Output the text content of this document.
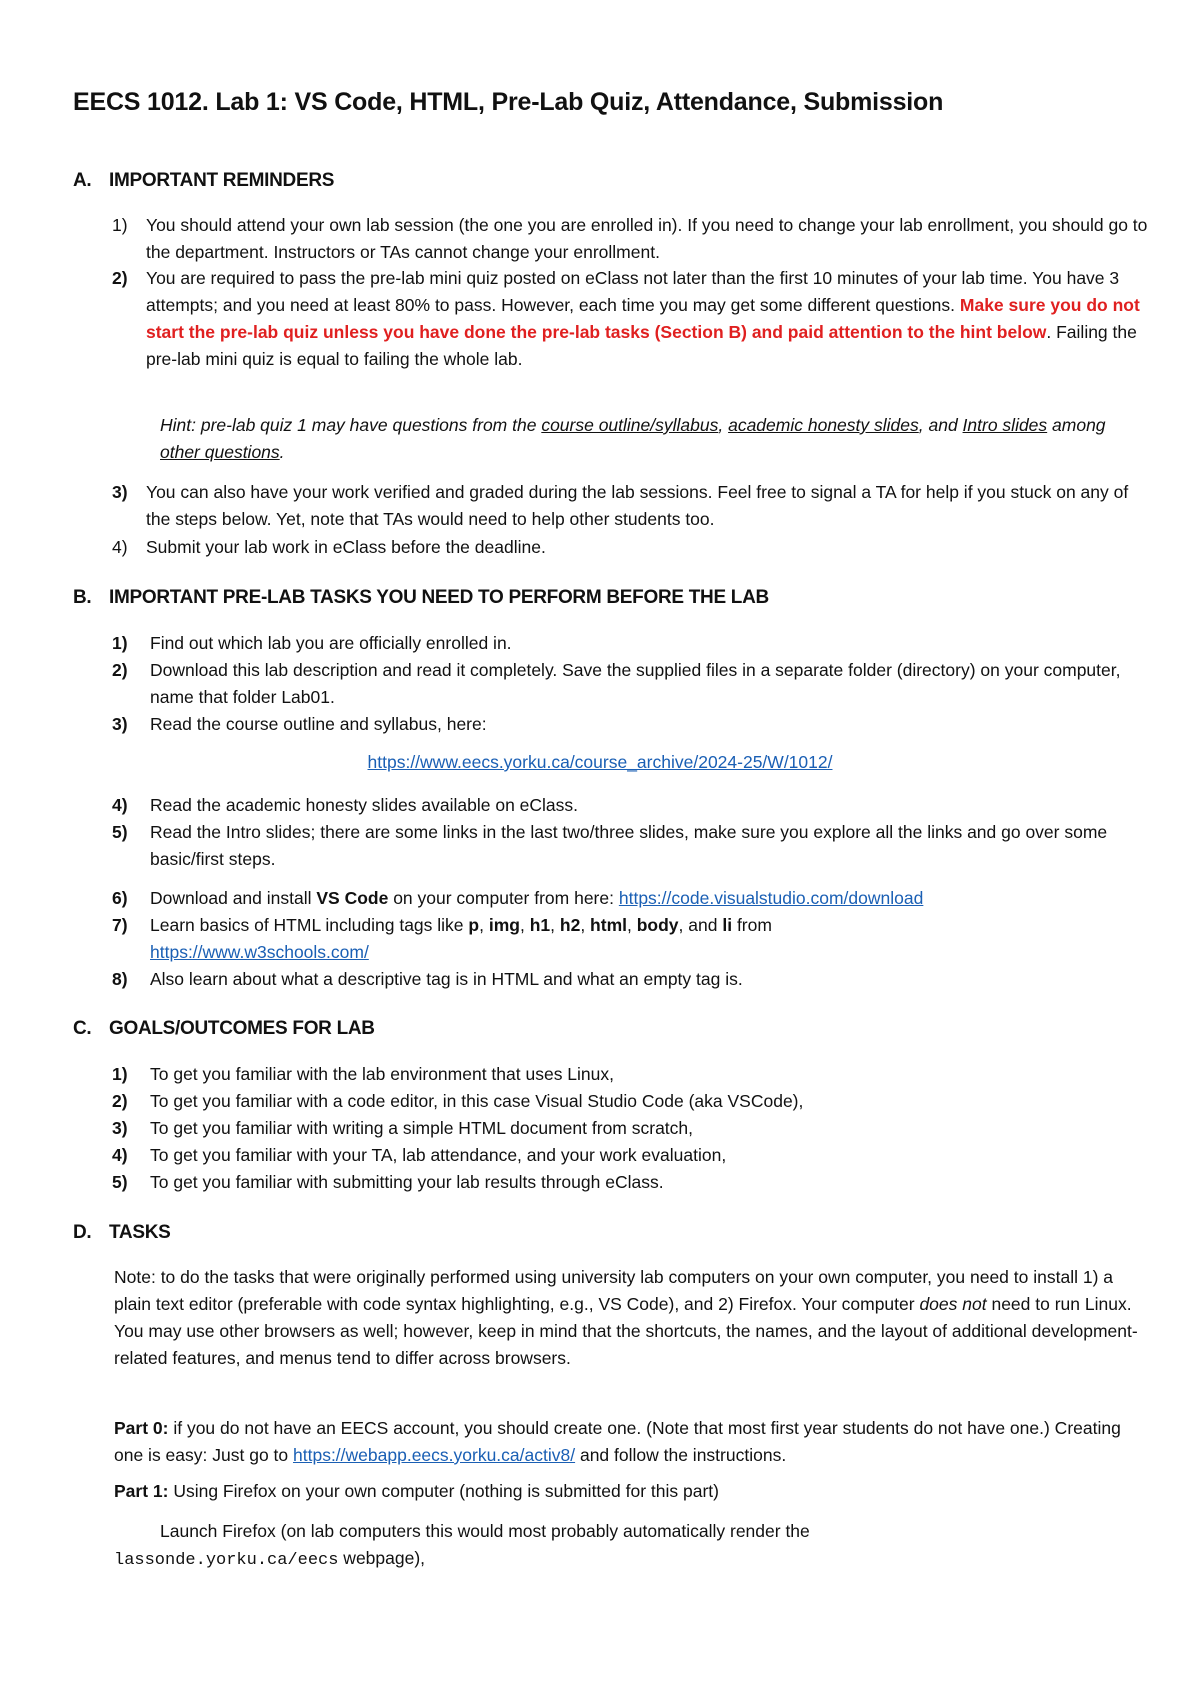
EECS 1012. Lab 1: VS Code, HTML, Pre-Lab Quiz, Attendance, Submission
A. IMPORTANT REMINDERS
1) You should attend your own lab session (the one you are enrolled in). If you need to change your lab enrollment, you should go to the department. Instructors or TAs cannot change your enrollment.
2) You are required to pass the pre-lab mini quiz posted on eClass not later than the first 10 minutes of your lab time. You have 3 attempts; and you need at least 80% to pass. However, each time you may get some different questions. Make sure you do not start the pre-lab quiz unless you have done the pre-lab tasks (Section B) and paid attention to the hint below. Failing the pre-lab mini quiz is equal to failing the whole lab.
Hint: pre-lab quiz 1 may have questions from the course outline/syllabus, academic honesty slides, and Intro slides among other questions.
3) You can also have your work verified and graded during the lab sessions. Feel free to signal a TA for help if you stuck on any of the steps below. Yet, note that TAs would need to help other students too.
4) Submit your lab work in eClass before the deadline.
B. IMPORTANT PRE-LAB TASKS YOU NEED TO PERFORM BEFORE THE LAB
1) Find out which lab you are officially enrolled in.
2) Download this lab description and read it completely. Save the supplied files in a separate folder (directory) on your computer, name that folder Lab01.
3) Read the course outline and syllabus, here:
https://www.eecs.yorku.ca/course_archive/2024-25/W/1012/
4) Read the academic honesty slides available on eClass.
5) Read the Intro slides; there are some links in the last two/three slides, make sure you explore all the links and go over some basic/first steps.
6) Download and install VS Code on your computer from here: https://code.visualstudio.com/download
7) Learn basics of HTML including tags like p, img, h1, h2, html, body, and li from
https://www.w3schools.com/
8) Also learn about what a descriptive tag is in HTML and what an empty tag is.
C. GOALS/OUTCOMES FOR LAB
1) To get you familiar with the lab environment that uses Linux,
2) To get you familiar with a code editor, in this case Visual Studio Code (aka VSCode),
3) To get you familiar with writing a simple HTML document from scratch,
4) To get you familiar with your TA, lab attendance, and your work evaluation,
5) To get you familiar with submitting your lab results through eClass.
D. TASKS

Note: to do the tasks that were originally performed using university lab computers on your own computer, you need to install 1) a plain text editor (preferable with code syntax highlighting, e.g., VS Code), and 2) Firefox. Your computer does not need to run Linux. You may use other browsers as well; however, keep in mind that the shortcuts, the names, and the layout of additional development-related features, and menus tend to differ across browsers.

Part 0: if you do not have an EECS account, you should create one. (Note that most first year students do not have one.) Creating one is easy: Just go to https://webapp.eecs.yorku.ca/activ8/ and follow the instructions.

Part 1: Using Firefox on your own computer (nothing is submitted for this part)

Launch Firefox (on lab computers this would most probably automatically render the
lassonde.yorku.ca/eecs webpage),
